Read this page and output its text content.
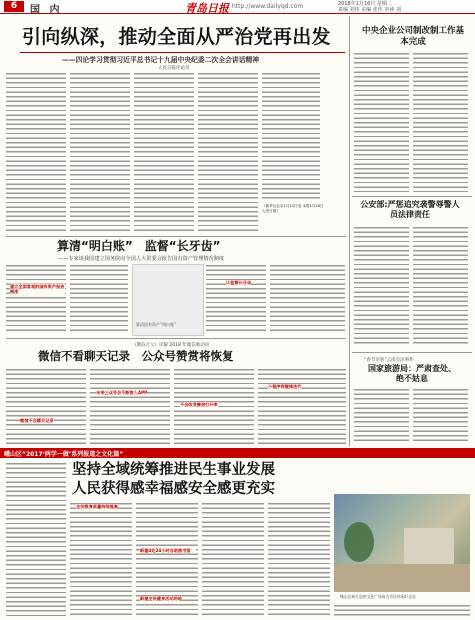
6	国 内	青岛日报 http://www.dailyqd.com	2018年1月16日 星期二
责编 刘伟 美编 张伟 审读 刘
引向纵深，推动全面从严治党再出发
——四论学习贯彻习近平总书记十九届中央纪委二次全会讲话精神
人民日报评论员
（新华社北京1月15日电 本报1月16日人民日报）
中央企业公司制改制工作基本完成
公安部:严惩追究袭警辱警人员法律责任
“春节宰客”云南会泽事件
国家旅游局：严肃查处、绝不姑息
算清“明白账”　监督“长牙齿”
——专家谈我国建立国务院向全国人大常委会报告国有资产管理情况制度
建立全面客观的国有资产报告制度
算清国有资产“明白账”
让监督长牙齿
《微信之父》详解 2018 年微信新动向
微信不看聊天记录　公众号赞赏将恢复
微信不会聊天记录
未来公众号会不断接入APP
不会改变微信打开率
小程序将继续迭代
峨山区“2017‘两学一做’系列报道之文化篇”
坚持全域统筹推进民生事业发展
人民获得感幸福感安全感更充实
全民教育质量持续提高
新建4处24小时自助图书馆
新建全民健身活动场地	峨山区新打造的文化广场成为市民休闲好去处
